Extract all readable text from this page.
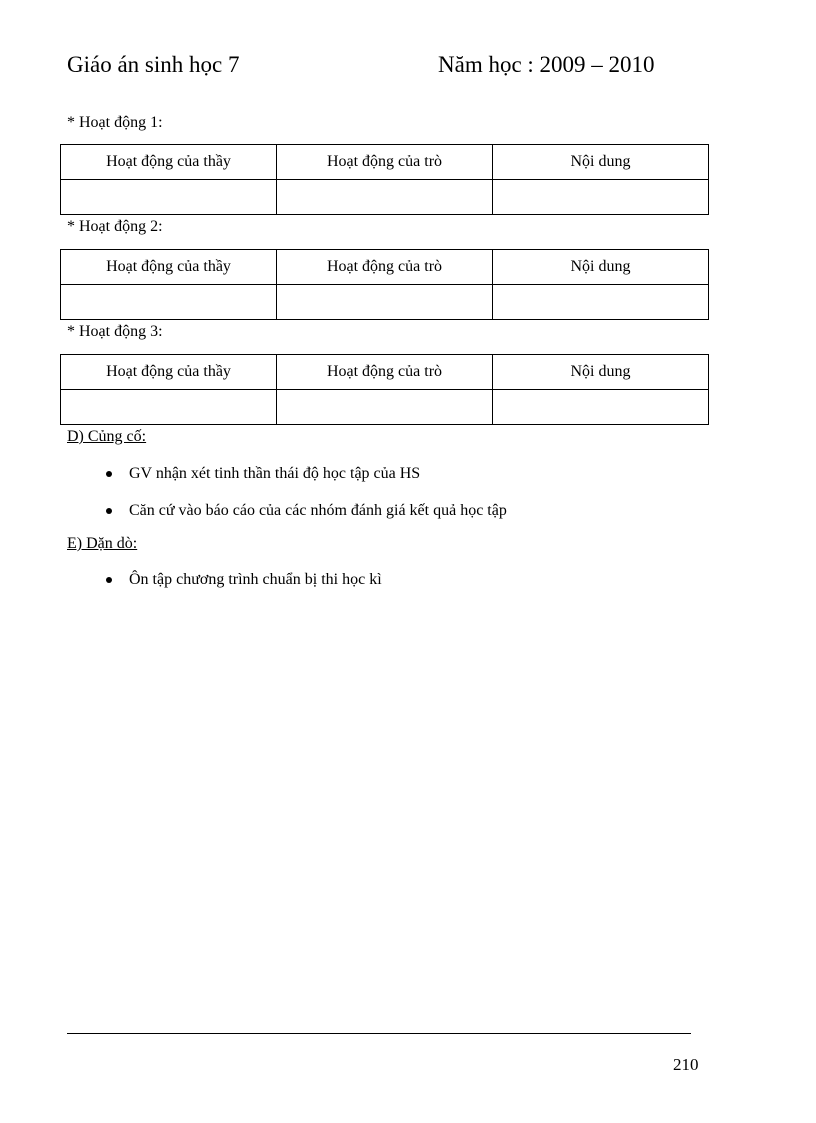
Giáo án sinh học 7	Năm học : 2009 – 2010
* Hoạt động 1:
Hoạt động của thầy	Hoạt động của trò	Nội dung

* Hoạt động 2:
Hoạt động của thầy	Hoạt động của trò	Nội dung

* Hoạt động 3:
Hoạt động của thầy	Hoạt động của trò	Nội dung

D) Củng cố:
GV nhận xét tinh thần thái độ học tập của HS
Căn cứ vào báo cáo của các nhóm đánh giá kết quả học tập
E) Dặn dò:
Ôn tập chương trình chuẩn bị thi học kì
210
